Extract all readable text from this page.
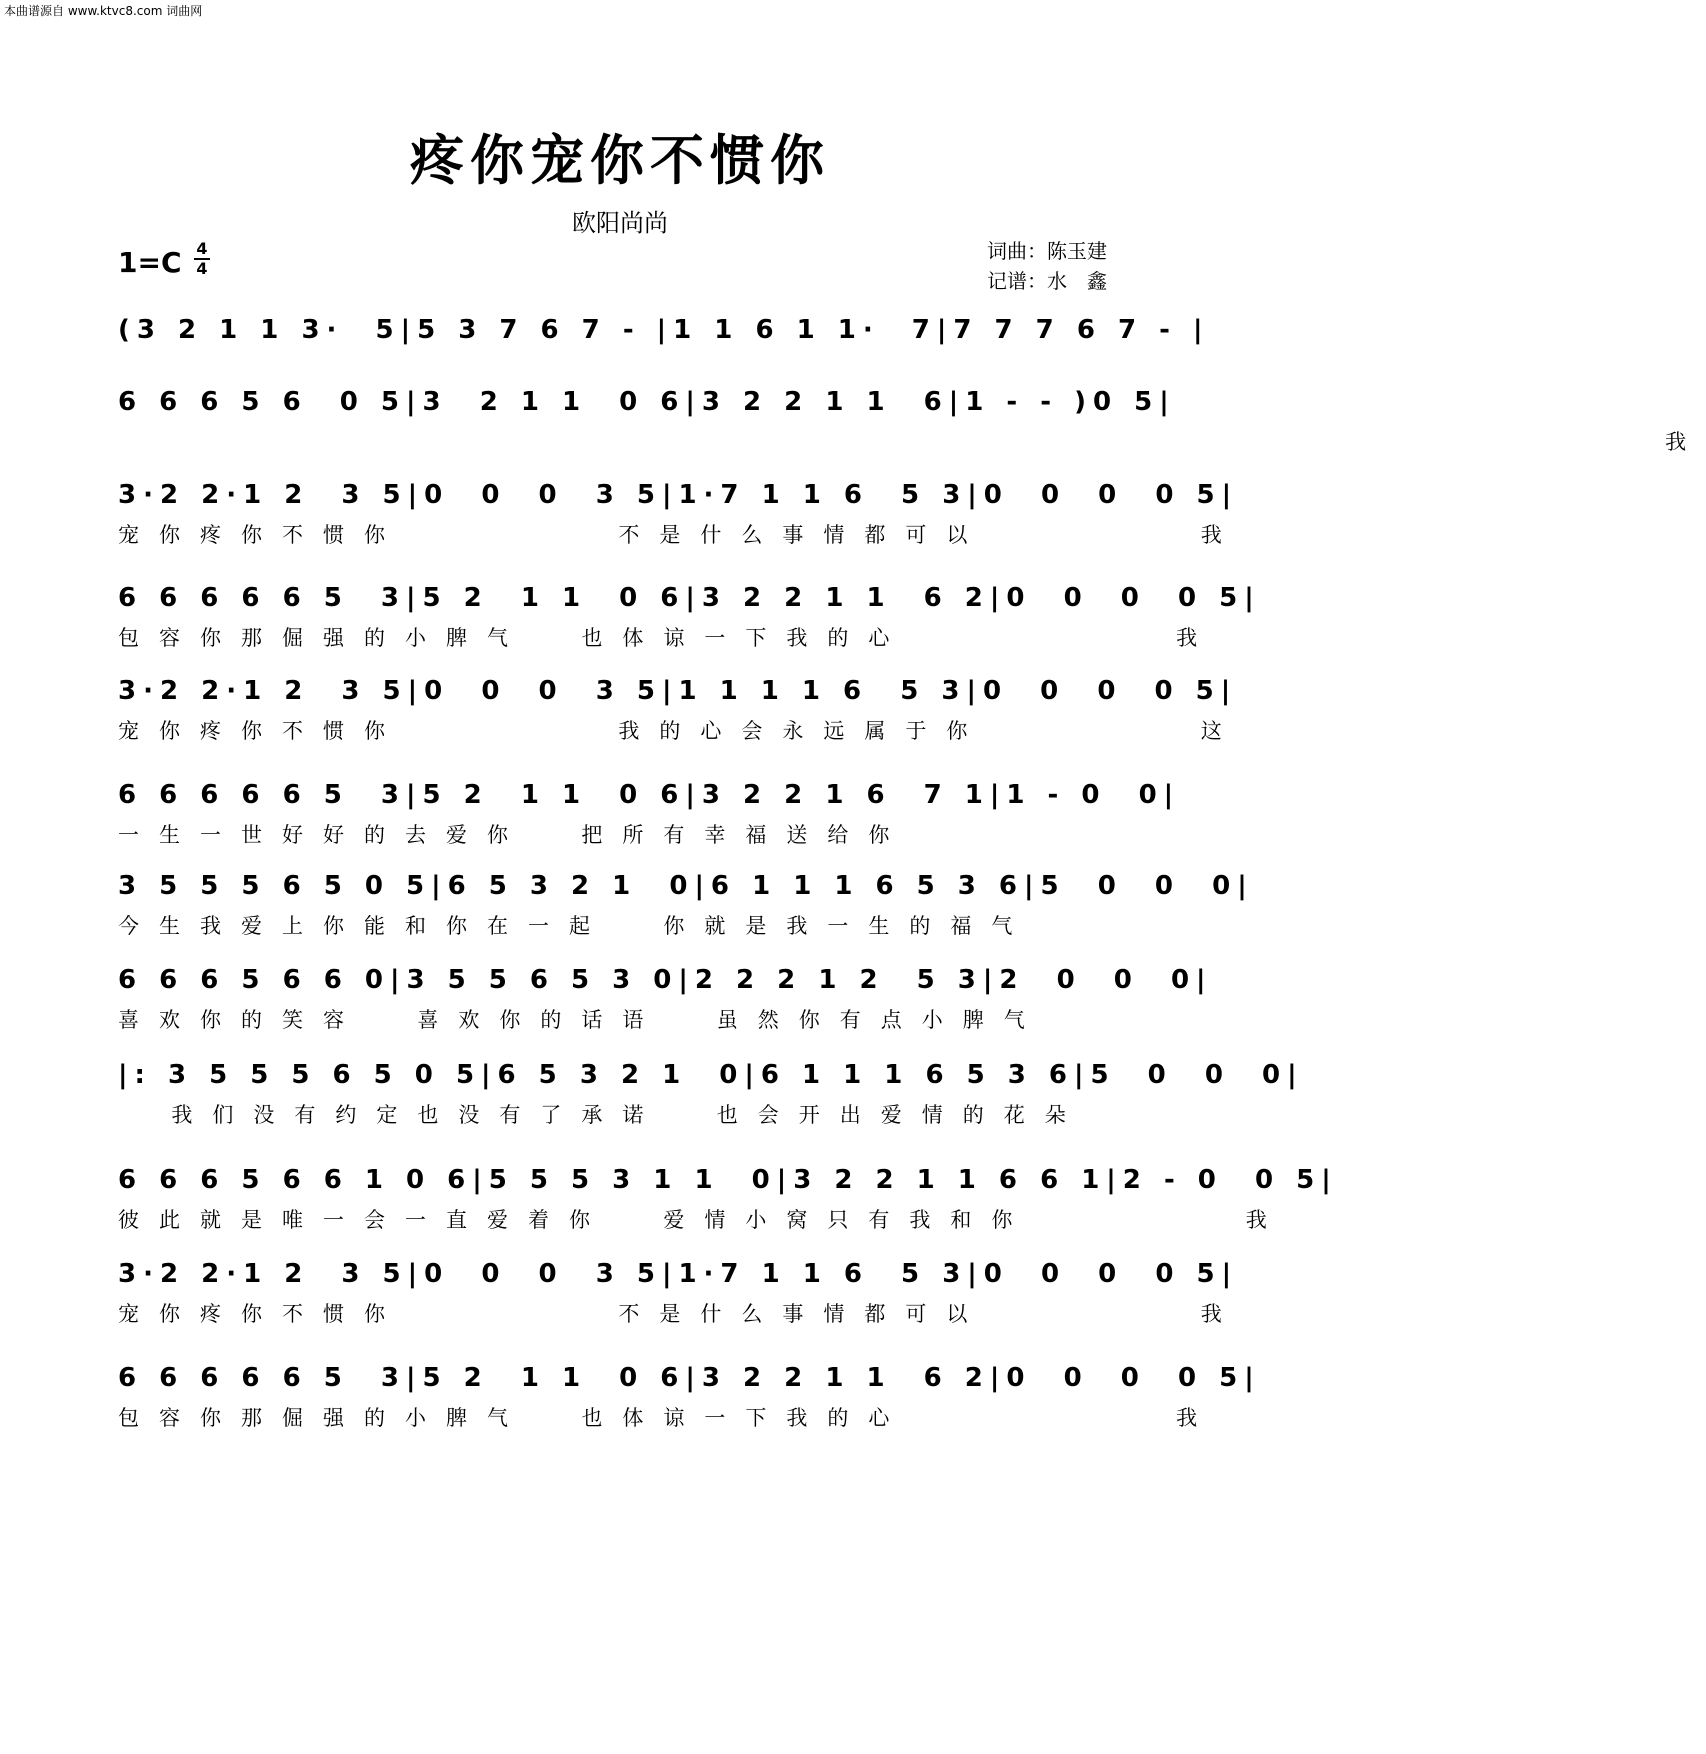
本曲谱源自 www.ktvc8.com 词曲网
疼你宠你不惯你
欧阳尚尚
1=C 4
4
词曲：陈玉建
记谱：水　鑫
(3 2 1 1 3·  5|5 3 7 6 7 - |1 1 6 1 1·  7|7 7 7 6 7 - |
6 6 6 5 6  0 5|3  2 1 1  0 6|3 2 2 1 1  6|1 - - )0 5|
我
3·2 2·1 2  3 5|0  0  0  3 5|1·7 1 1 6  5 3|0  0  0  0 5|
宠你疼你不惯你        不是什么事情都可以        我
6 6 6 6 6 5  3|5 2  1 1  0 6|3 2 2 1 1  6 2|0  0  0  0 5|
包容你那倔强的小脾气  也体谅一下我的心          我
3·2 2·1 2  3 5|0  0  0  3 5|1 1 1 1 6  5 3|0  0  0  0 5|
宠你疼你不惯你        我的心会永远属于你        这
6 6 6 6 6 5  3|5 2  1 1  0 6|3 2 2 1 6  7 1|1 - 0  0|
一生一世好好的去爱你  把所有幸福送给你
3 5 5 5 6 5 0 5|6 5 3 2 1  0|6 1 1 1 6 5 3 6|5  0  0  0|
今生我爱上你能和你在一起  你就是我一生的福气
6 6 6 5 6 6 0|3 5 5 6 5 3 0|2 2 2 1 2  5 3|2  0  0  0|
喜欢你的笑容  喜欢你的话语  虽然你有点小脾气
|: 3 5 5 5 6 5 0 5|6 5 3 2 1  0|6 1 1 1 6 5 3 6|5  0  0  0|
我们没有约定也没有了承诺  也会开出爱情的花朵
6 6 6 5 6 6 1 0 6|5 5 5 3 1 1  0|3 2 2 1 1 6 6 1|2 - 0  0 5|
彼此就是唯一会一直爱着你  爱情小窝只有我和你        我
3·2 2·1 2  3 5|0  0  0  3 5|1·7 1 1 6  5 3|0  0  0  0 5|
宠你疼你不惯你        不是什么事情都可以        我
6 6 6 6 6 5  3|5 2  1 1  0 6|3 2 2 1 1  6 2|0  0  0  0 5|
包容你那倔强的小脾气  也体谅一下我的心          我
